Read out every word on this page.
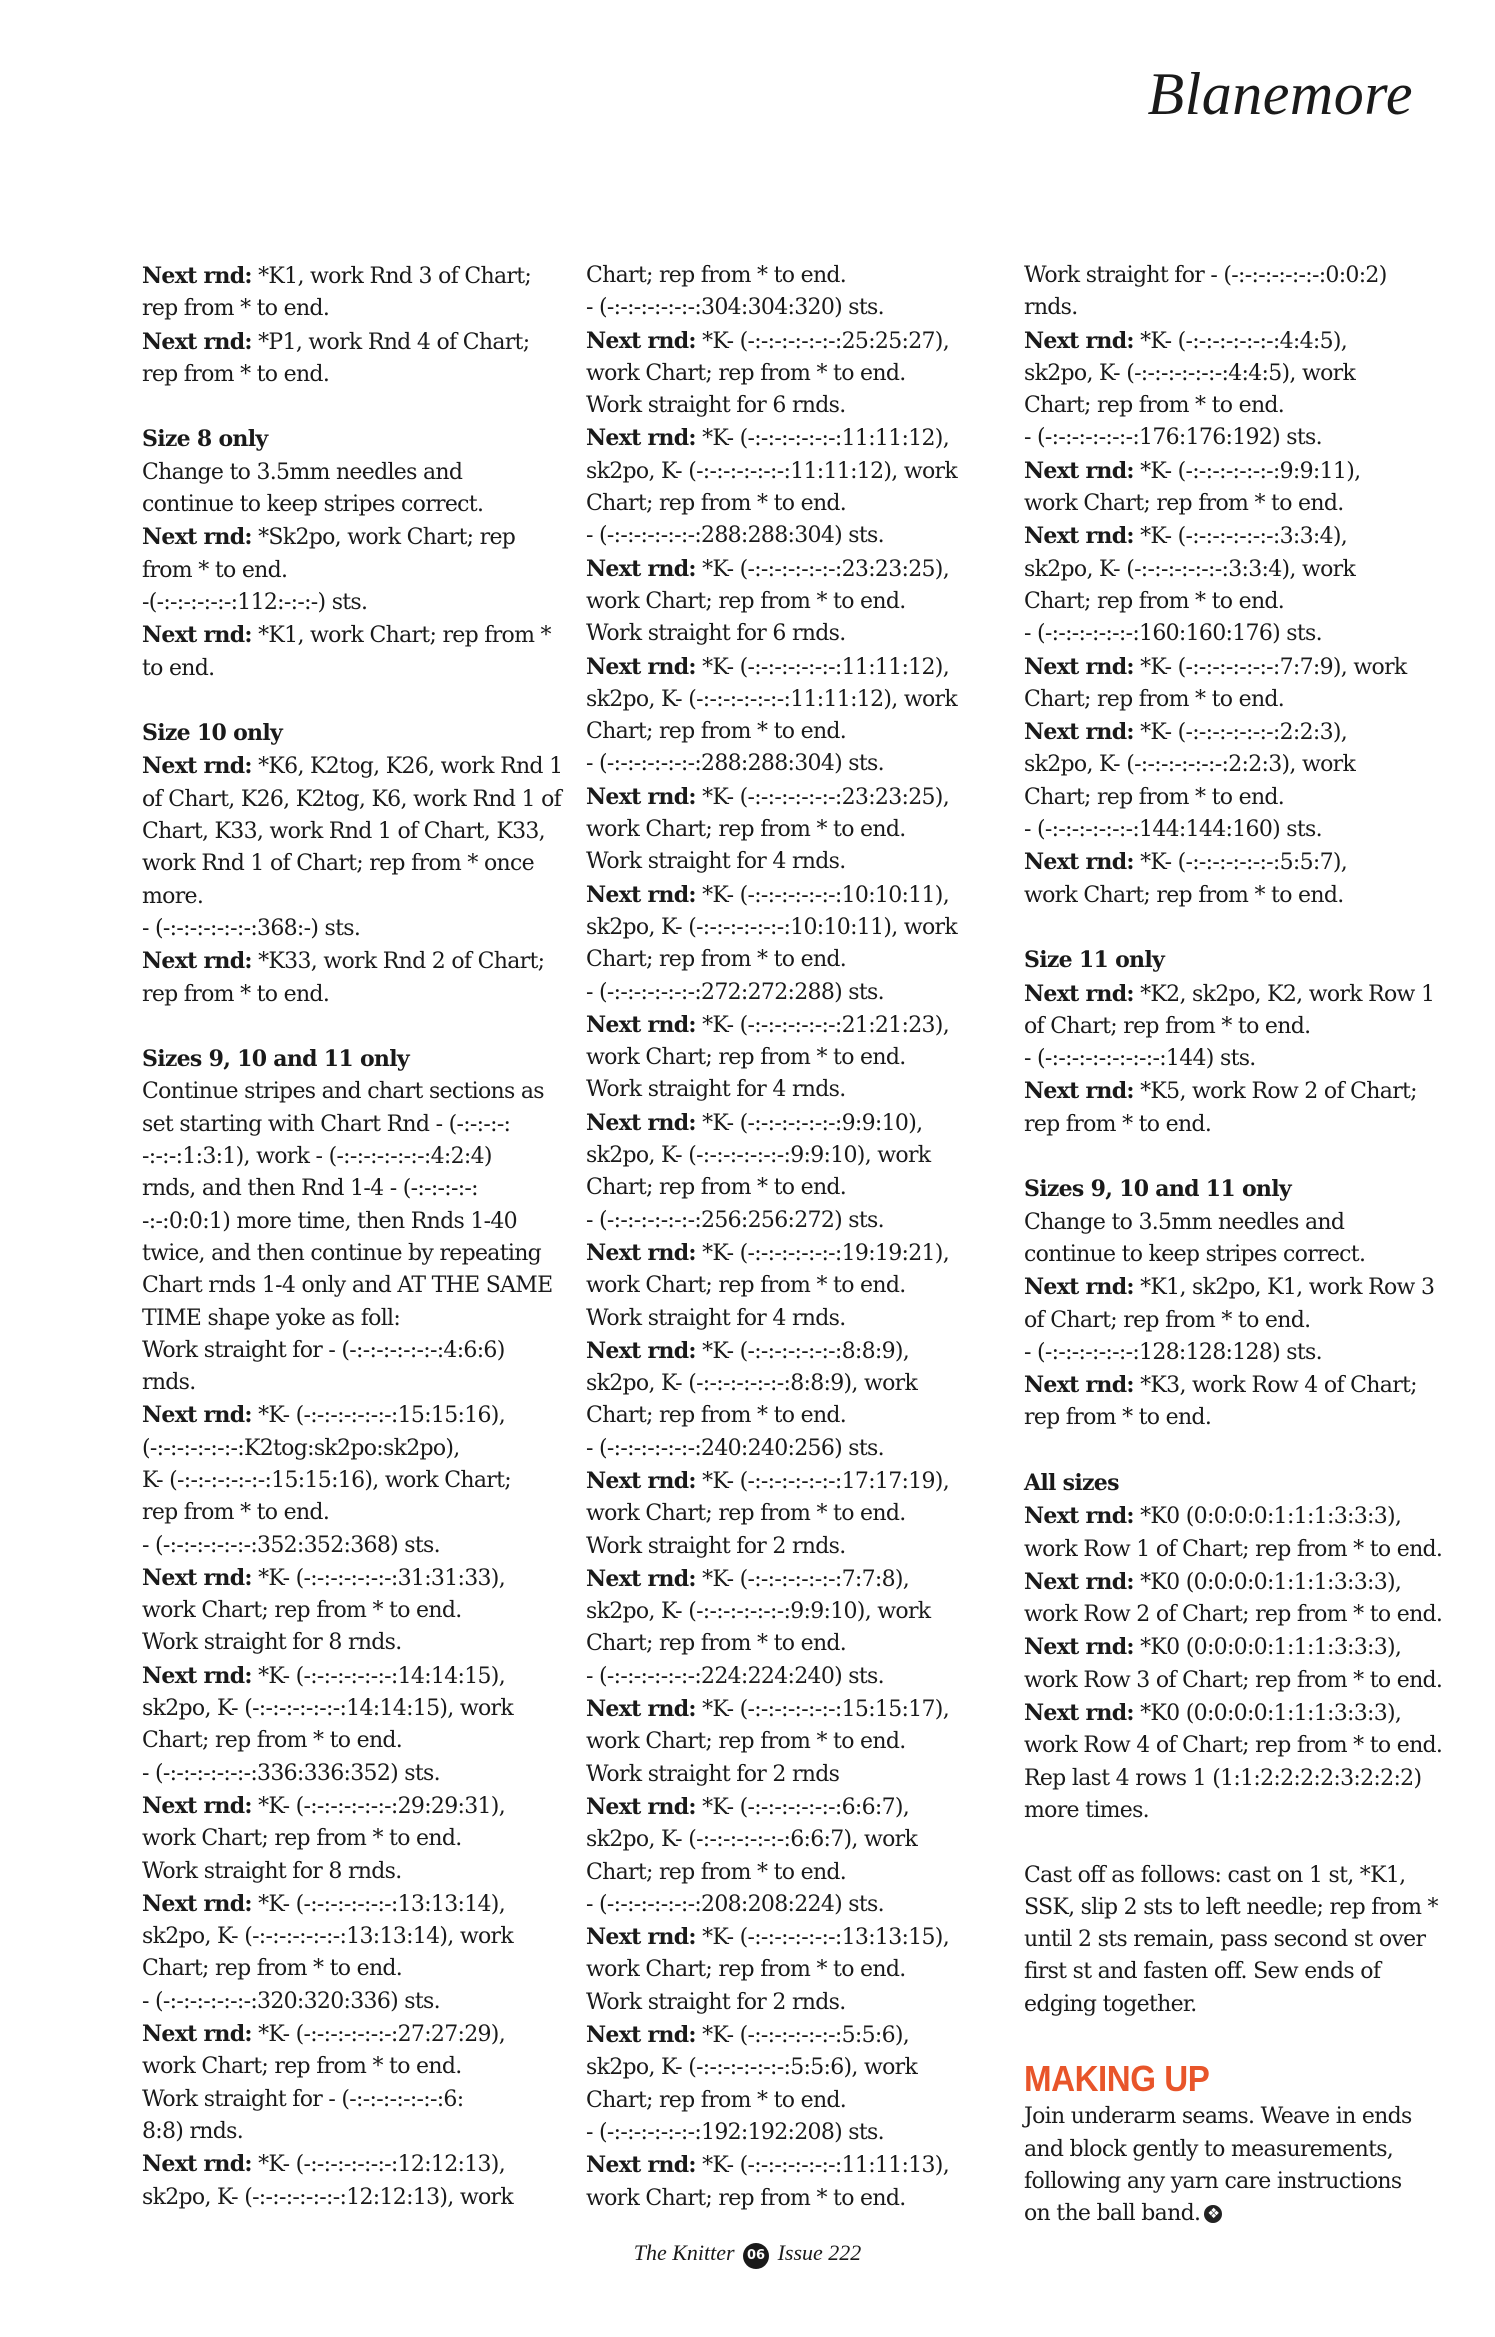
Blanemore
Next rnd: *K1, work Rnd 3 of Chart;
rep from * to end.
Next rnd: *P1, work Rnd 4 of Chart;
rep from * to end.
Size 8 only
Change to 3.5mm needles and
continue to keep stripes correct.
Next rnd: *Sk2po, work Chart; rep
from * to end.
-(-:-:-:-:-:-:112:-:-:-) sts.
Next rnd: *K1, work Chart; rep from *
to end.
Size 10 only
Next rnd: *K6, K2tog, K26, work Rnd 1
of Chart, K26, K2tog, K6, work Rnd 1 of
Chart, K33, work Rnd 1 of Chart, K33,
work Rnd 1 of Chart; rep from * once
more.
- (-:-:-:-:-:-:-:368:-) sts.
Next rnd: *K33, work Rnd 2 of Chart;
rep from * to end.
Sizes 9, 10 and 11 only
Continue stripes and chart sections as
set starting with Chart Rnd - (-:-:-:-:
-:-:-:1:3:1), work - (-:-:-:-:-:-:-:4:2:4)
rnds, and then Rnd 1-4 - (-:-:-:-:-:
-:-:0:0:1) more time, then Rnds 1-40
twice, and then continue by repeating
Chart rnds 1-4 only and AT THE SAME
TIME shape yoke as foll:
Work straight for - (-:-:-:-:-:-:-:4:6:6)
rnds.
Next rnd: *K- (-:-:-:-:-:-:-:15:15:16),
(-:-:-:-:-:-:-:K2tog:sk2po:sk2po),
K- (-:-:-:-:-:-:-:15:15:16), work Chart;
rep from * to end.
- (-:-:-:-:-:-:-:352:352:368) sts.
Next rnd: *K- (-:-:-:-:-:-:-:31:31:33),
work Chart; rep from * to end.
Work straight for 8 rnds.
Next rnd: *K- (-:-:-:-:-:-:-:14:14:15),
sk2po, K- (-:-:-:-:-:-:-:14:14:15), work
Chart; rep from * to end.
- (-:-:-:-:-:-:-:336:336:352) sts.
Next rnd: *K- (-:-:-:-:-:-:-:29:29:31),
work Chart; rep from * to end.
Work straight for 8 rnds.
Next rnd: *K- (-:-:-:-:-:-:-:13:13:14),
sk2po, K- (-:-:-:-:-:-:-:13:13:14), work
Chart; rep from * to end.
- (-:-:-:-:-:-:-:320:320:336) sts.
Next rnd: *K- (-:-:-:-:-:-:-:27:27:29),
work Chart; rep from * to end.
Work straight for - (-:-:-:-:-:-:-:6:
8:8) rnds.
Next rnd: *K- (-:-:-:-:-:-:-:12:12:13),
sk2po, K- (-:-:-:-:-:-:-:12:12:13), work
Chart; rep from * to end.
- (-:-:-:-:-:-:-:304:304:320) sts.
Next rnd: *K- (-:-:-:-:-:-:-:25:25:27),
work Chart; rep from * to end.
Work straight for 6 rnds.
Next rnd: *K- (-:-:-:-:-:-:-:11:11:12),
sk2po, K- (-:-:-:-:-:-:-:11:11:12), work
Chart; rep from * to end.
- (-:-:-:-:-:-:-:288:288:304) sts.
Next rnd: *K- (-:-:-:-:-:-:-:23:23:25),
work Chart; rep from * to end.
Work straight for 6 rnds.
Next rnd: *K- (-:-:-:-:-:-:-:11:11:12),
sk2po, K- (-:-:-:-:-:-:-:11:11:12), work
Chart; rep from * to end.
- (-:-:-:-:-:-:-:288:288:304) sts.
Next rnd: *K- (-:-:-:-:-:-:-:23:23:25),
work Chart; rep from * to end.
Work straight for 4 rnds.
Next rnd: *K- (-:-:-:-:-:-:-:10:10:11),
sk2po, K- (-:-:-:-:-:-:-:10:10:11), work
Chart; rep from * to end.
- (-:-:-:-:-:-:-:272:272:288) sts.
Next rnd: *K- (-:-:-:-:-:-:-:21:21:23),
work Chart; rep from * to end.
Work straight for 4 rnds.
Next rnd: *K- (-:-:-:-:-:-:-:9:9:10),
sk2po, K- (-:-:-:-:-:-:-:9:9:10), work
Chart; rep from * to end.
- (-:-:-:-:-:-:-:256:256:272) sts.
Next rnd: *K- (-:-:-:-:-:-:-:19:19:21),
work Chart; rep from * to end.
Work straight for 4 rnds.
Next rnd: *K- (-:-:-:-:-:-:-:8:8:9),
sk2po, K- (-:-:-:-:-:-:-:8:8:9), work
Chart; rep from * to end.
- (-:-:-:-:-:-:-:240:240:256) sts.
Next rnd: *K- (-:-:-:-:-:-:-:17:17:19),
work Chart; rep from * to end.
Work straight for 2 rnds.
Next rnd: *K- (-:-:-:-:-:-:-:7:7:8),
sk2po, K- (-:-:-:-:-:-:-:9:9:10), work
Chart; rep from * to end.
- (-:-:-:-:-:-:-:224:224:240) sts.
Next rnd: *K- (-:-:-:-:-:-:-:15:15:17),
work Chart; rep from * to end.
Work straight for 2 rnds
Next rnd: *K- (-:-:-:-:-:-:-:6:6:7),
sk2po, K- (-:-:-:-:-:-:-:6:6:7), work
Chart; rep from * to end.
- (-:-:-:-:-:-:-:208:208:224) sts.
Next rnd: *K- (-:-:-:-:-:-:-:13:13:15),
work Chart; rep from * to end.
Work straight for 2 rnds.
Next rnd: *K- (-:-:-:-:-:-:-:5:5:6),
sk2po, K- (-:-:-:-:-:-:-:5:5:6), work
Chart; rep from * to end.
- (-:-:-:-:-:-:-:192:192:208) sts.
Next rnd: *K- (-:-:-:-:-:-:-:11:11:13),
work Chart; rep from * to end.
Work straight for - (-:-:-:-:-:-:-:0:0:2)
rnds.
Next rnd: *K- (-:-:-:-:-:-:-:4:4:5),
sk2po, K- (-:-:-:-:-:-:-:4:4:5), work
Chart; rep from * to end.
- (-:-:-:-:-:-:-:176:176:192) sts.
Next rnd: *K- (-:-:-:-:-:-:-:9:9:11),
work Chart; rep from * to end.
Next rnd: *K- (-:-:-:-:-:-:-:3:3:4),
sk2po, K- (-:-:-:-:-:-:-:3:3:4), work
Chart; rep from * to end.
- (-:-:-:-:-:-:-:160:160:176) sts.
Next rnd: *K- (-:-:-:-:-:-:-:7:7:9), work
Chart; rep from * to end.
Next rnd: *K- (-:-:-:-:-:-:-:2:2:3),
sk2po, K- (-:-:-:-:-:-:-:2:2:3), work
Chart; rep from * to end.
- (-:-:-:-:-:-:-:144:144:160) sts.
Next rnd: *K- (-:-:-:-:-:-:-:5:5:7),
work Chart; rep from * to end.
Size 11 only
Next rnd: *K2, sk2po, K2, work Row 1
of Chart; rep from * to end.
- (-:-:-:-:-:-:-:-:-:144) sts.
Next rnd: *K5, work Row 2 of Chart;
rep from * to end.
Sizes 9, 10 and 11 only
Change to 3.5mm needles and
continue to keep stripes correct.
Next rnd: *K1, sk2po, K1, work Row 3
of Chart; rep from * to end.
- (-:-:-:-:-:-:-:128:128:128) sts.
Next rnd: *K3, work Row 4 of Chart;
rep from * to end.
All sizes
Next rnd: *K0 (0:0:0:0:1:1:1:3:3:3),
work Row 1 of Chart; rep from * to end.
Next rnd: *K0 (0:0:0:0:1:1:1:3:3:3),
work Row 2 of Chart; rep from * to end.
Next rnd: *K0 (0:0:0:0:1:1:1:3:3:3),
work Row 3 of Chart; rep from * to end.
Next rnd: *K0 (0:0:0:0:1:1:1:3:3:3),
work Row 4 of Chart; rep from * to end.
Rep last 4 rows 1 (1:1:2:2:2:2:3:2:2:2)
more times.
Cast off as follows: cast on 1 st, *K1,
SSK, slip 2 sts to left needle; rep from *
until 2 sts remain, pass second st over
first st and fasten off. Sew ends of
edging together.
MAKING UP
Join underarm seams. Weave in ends
and block gently to measurements,
following any yarn care instructions
on the ball band. ❖
The Knitter 06 Issue 222
